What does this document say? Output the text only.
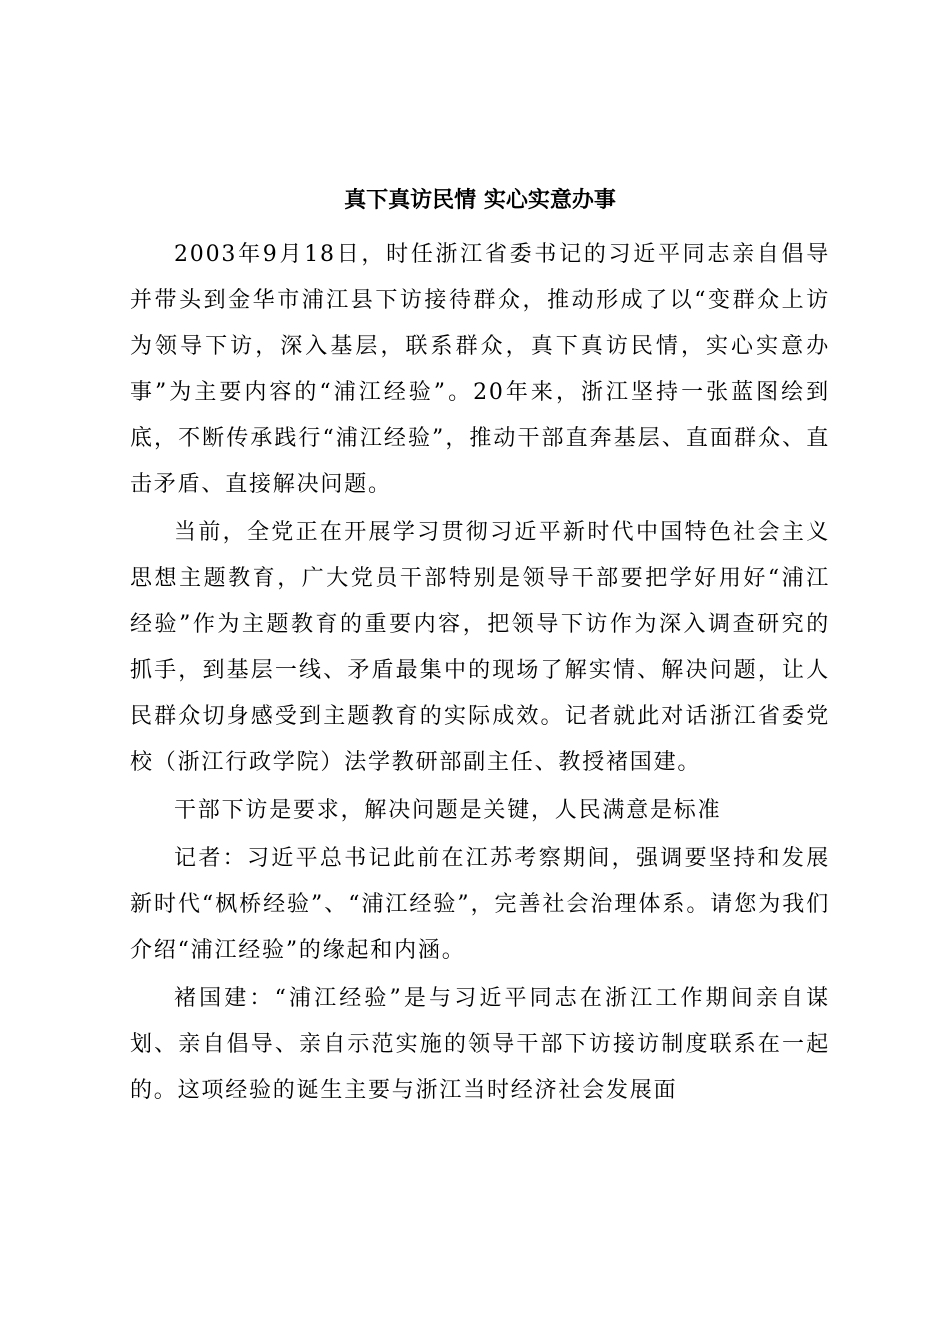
真下真访民情 实心实意办事

2003年9月18日，时任浙江省委书记的习近平同志亲自倡导并带头到金华市浦江县下访接待群众，推动形成了以“变群众上访为领导下访，深入基层，联系群众，真下真访民情，实心实意办事”为主要内容的“浦江经验”。20年来，浙江坚持一张蓝图绘到底，不断传承践行“浦江经验”，推动干部直奔基层、直面群众、直击矛盾、直接解决问题。

当前，全党正在开展学习贯彻习近平新时代中国特色社会主义思想主题教育，广大党员干部特别是领导干部要把学好用好“浦江经验”作为主题教育的重要内容，把领导下访作为深入调查研究的抓手，到基层一线、矛盾最集中的现场了解实情、解决问题，让人民群众切身感受到主题教育的实际成效。记者就此对话浙江省委党校（浙江行政学院）法学教研部副主任、教授褚国建。

干部下访是要求，解决问题是关键，人民满意是标准

记者：习近平总书记此前在江苏考察期间，强调要坚持和发展新时代“枫桥经验”、“浦江经验”，完善社会治理体系。请您为我们介绍“浦江经验”的缘起和内涵。

褚国建：“浦江经验”是与习近平同志在浙江工作期间亲自谋划、亲自倡导、亲自示范实施的领导干部下访接访制度联系在一起的。这项经验的诞生主要与浙江当时经济社会发展面
